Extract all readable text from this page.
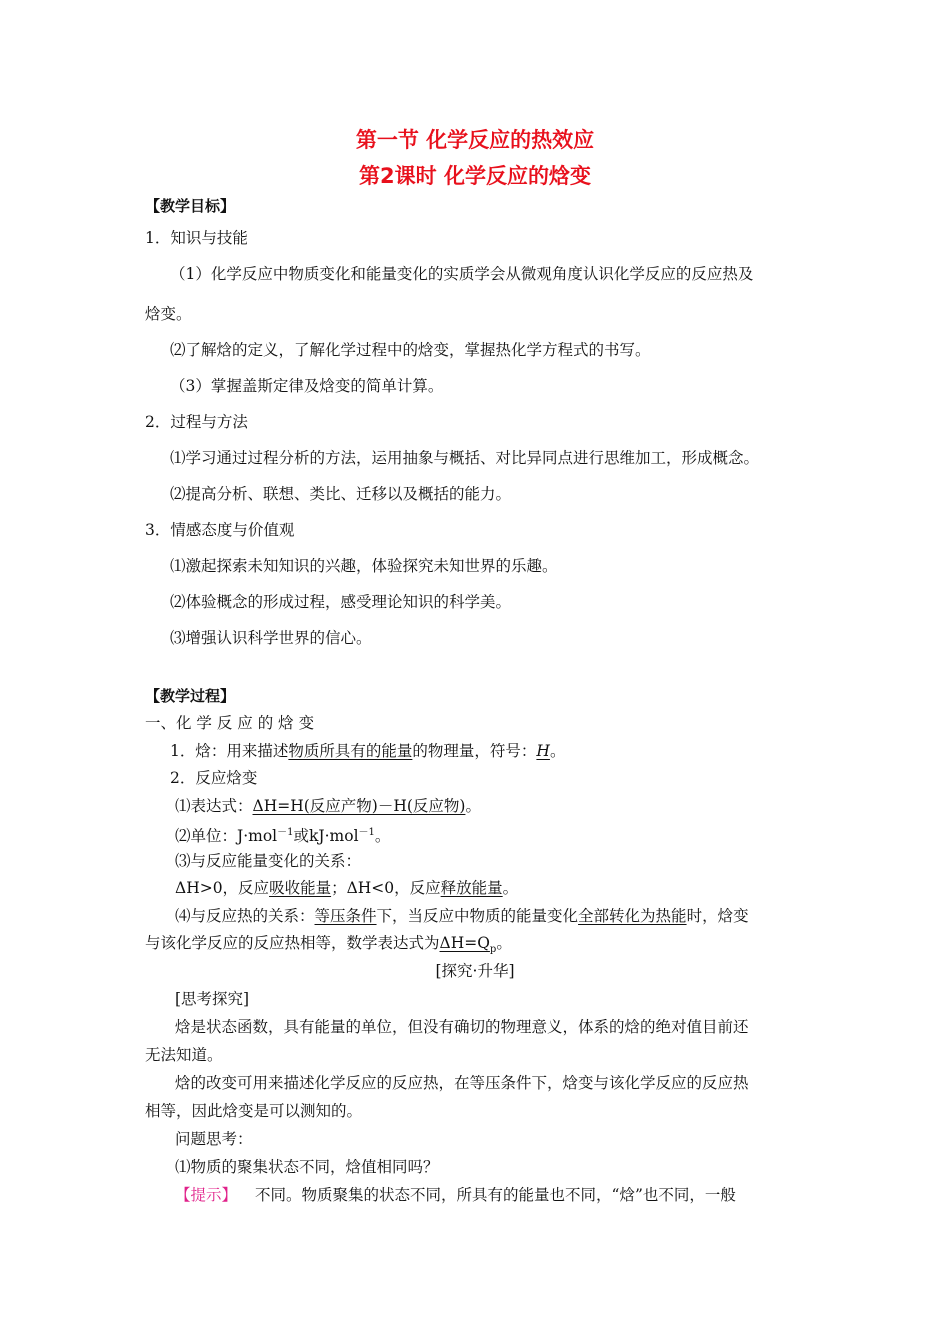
第一节 化学反应的热效应
第2课时 化学反应的焓变
【教学目标】
1．知识与技能
（1）化学反应中物质变化和能量变化的实质学会从微观角度认识化学反应的反应热及
焓变。
⑵了解焓的定义，了解化学过程中的焓变，掌握热化学方程式的书写。
（3）掌握盖斯定律及焓变的简单计算。
2．过程与方法
⑴学习通过过程分析的方法，运用抽象与概括、对比异同点进行思维加工，形成概念。
⑵提高分析、联想、类比、迁移以及概括的能力。
3．情感态度与价值观
⑴激起探索未知知识的兴趣，体验探究未知世界的乐趣。
⑵体验概念的形成过程，感受理论知识的科学美。
⑶增强认识科学世界的信心。
【教学过程】
一、化 学 反 应 的 焓 变
1．焓：用来描述物质所具有的能量的物理量，符号：H。
2．反应焓变
⑴表达式：ΔH=H(反应产物)－H(反应物)。
⑵单位：J·mol$^{-1}$或kJ·mol$^{-1}$。
⑶与反应能量变化的关系：
ΔH>0，反应吸收能量；ΔH<0，反应释放能量。
⑷与反应热的关系：等压条件下，当反应中物质的能量变化全部转化为热能时，焓变
与该化学反应的反应热相等，数学表达式为$\Delta H=Q_p$。
[探究·升华]
[思考探究]
焓是状态函数，具有能量的单位，但没有确切的物理意义，体系的焓的绝对值目前还
无法知道。
焓的改变可用来描述化学反应的反应热，在等压条件下，焓变与该化学反应的反应热
相等，因此焓变是可以测知的。
问题思考：
⑴物质的聚集状态不同，焓值相同吗？
【提示】 不同。物质聚集的状态不同，所具有的能量也不同，“焓”也不同，一般
